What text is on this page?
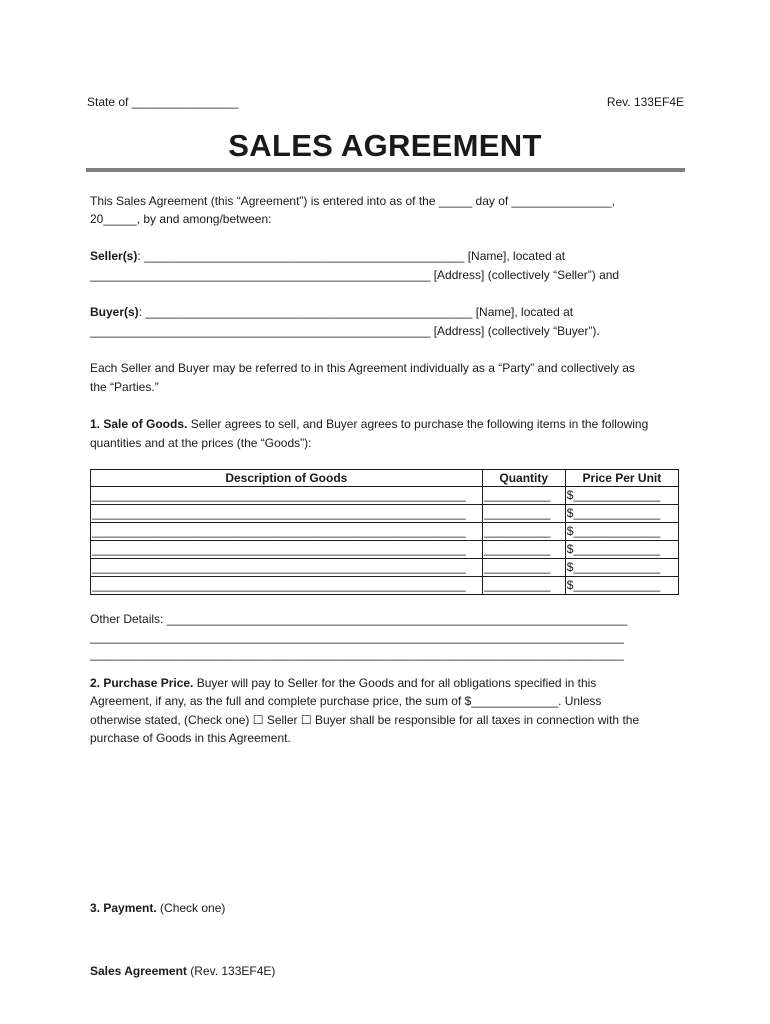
State of ________________	Rev. 133EF4E
SALES AGREEMENT
This Sales Agreement (this “Agreement”) is entered into as of the _____ day of _______________,
20_____, by and among/between:
Seller(s): ________________________________________________ [Name], located at
___________________________________________________ [Address] (collectively “Seller”) and
Buyer(s): _________________________________________________ [Name], located at
___________________________________________________ [Address] (collectively “Buyer”).
Each Seller and Buyer may be referred to in this Agreement individually as a “Party” and collectively as
the “Parties.”
1. Sale of Goods. Seller agrees to sell, and Buyer agrees to purchase the following items in the following
quantities and at the prices (the “Goods”):
Description of Goods	Quantity	Price Per Unit

________________________________________________________	__________	$_____________

________________________________________________________	__________	$_____________

________________________________________________________	__________	$_____________

________________________________________________________	__________	$_____________

________________________________________________________	__________	$_____________

________________________________________________________	__________	$_____________
Other Details: _____________________________________________________________________
________________________________________________________________________________
________________________________________________________________________________
2. Purchase Price. Buyer will pay to Seller for the Goods and for all obligations specified in this
Agreement, if any, as the full and complete purchase price, the sum of $_____________. Unless
otherwise stated, (Check one) ☐ Seller ☐ Buyer shall be responsible for all taxes in connection with the
purchase of Goods in this Agreement.
3. Payment. (Check one)
Sales Agreement (Rev. 133EF4E)
